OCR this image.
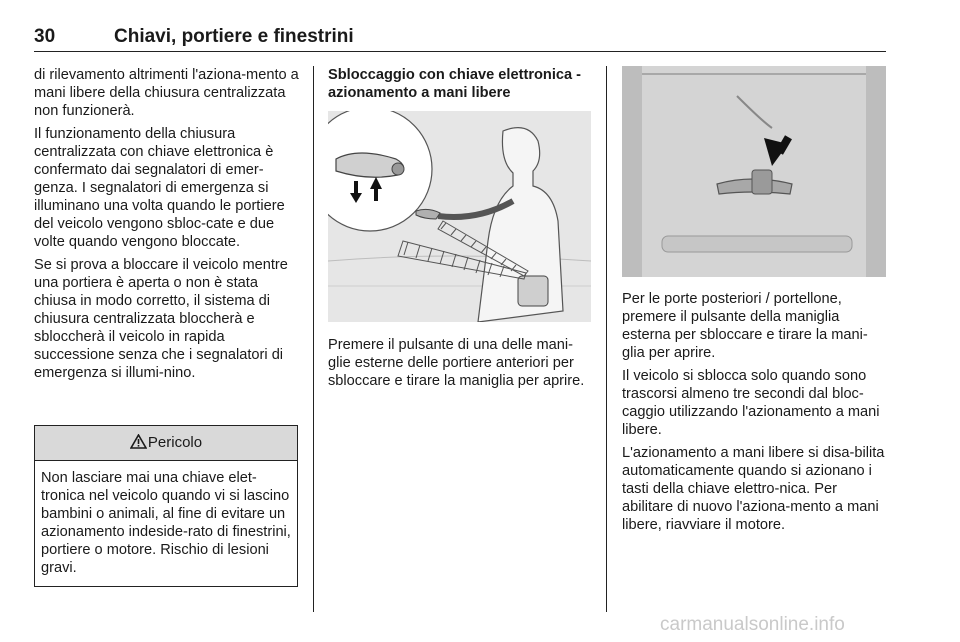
30	Chiavi, portiere e finestrini

di rilevamento altrimenti l'aziona-mento a mani libere della chiusura centralizzata non funzionerà.

Il funzionamento della chiusura centralizzata con chiave elettronica è confermato dai segnalatori di emer-genza. I segnalatori di emergenza si illuminano una volta quando le portiere del veicolo vengono sbloc-cate e due volte quando vengono bloccate.

Se si prova a bloccare il veicolo mentre una portiera è aperta o non è stata chiusa in modo corretto, il sistema di chiusura centralizzata bloccherà e sbloccherà il veicolo in rapida successione senza che i segnalatori di emergenza si illumi-nino.

Pericolo
Non lasciare mai una chiave elet-tronica nel veicolo quando vi si lascino bambini o animali, al fine di evitare un azionamento indeside-rato di finestrini, portiere o motore. Rischio di lesioni gravi.

Sbloccaggio con chiave elettronica - azionamento a mani libere

Premere il pulsante di una delle mani-glie esterne delle portiere anteriori per sbloccare e tirare la maniglia per aprire.

Per le porte posteriori / portellone, premere il pulsante della maniglia esterna per sbloccare e tirare la mani-glia per aprire.

Il veicolo si sblocca solo quando sono trascorsi almeno tre secondi dal bloc-caggio utilizzando l'azionamento a mani libere.

L'azionamento a mani libere si disa-bilita automaticamente quando si azionano i tasti della chiave elettro-nica. Per abilitare di nuovo l'aziona-mento a mani libere, riavviare il motore.

carmanualsonline.info
